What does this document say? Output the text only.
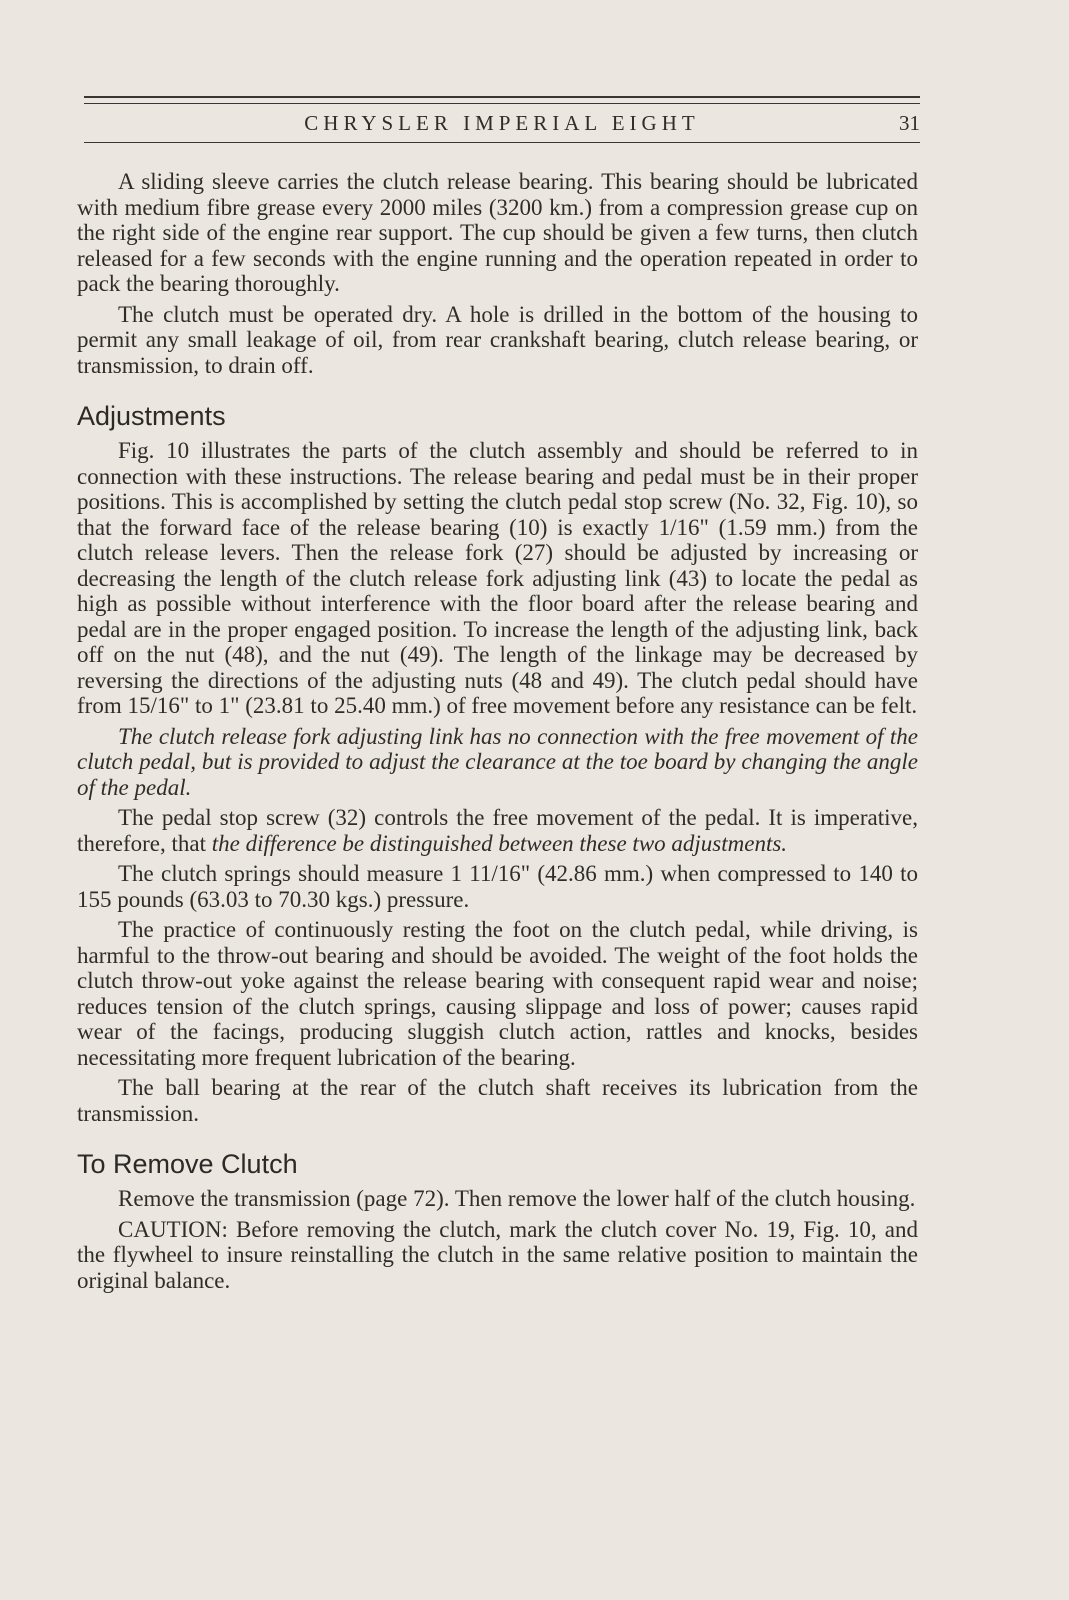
CHRYSLER IMPERIAL EIGHT	31

A sliding sleeve carries the clutch release bearing. This bearing should be lubricated with medium fibre grease every 2000 miles (3200 km.) from a compression grease cup on the right side of the engine rear support. The cup should be given a few turns, then clutch released for a few seconds with the engine running and the operation repeated in order to pack the bearing thoroughly.

The clutch must be operated dry. A hole is drilled in the bottom of the housing to permit any small leakage of oil, from rear crankshaft bearing, clutch release bearing, or transmission, to drain off.

Adjustments

Fig. 10 illustrates the parts of the clutch assembly and should be referred to in connection with these instructions. The release bearing and pedal must be in their proper positions. This is accomplished by setting the clutch pedal stop screw (No. 32, Fig. 10), so that the forward face of the release bearing (10) is exactly 1/16" (1.59 mm.) from the clutch release levers. Then the release fork (27) should be adjusted by increasing or decreasing the length of the clutch release fork adjusting link (43) to locate the pedal as high as possible without interference with the floor board after the release bearing and pedal are in the proper engaged position. To increase the length of the adjusting link, back off on the nut (48), and the nut (49). The length of the linkage may be decreased by reversing the directions of the adjusting nuts (48 and 49). The clutch pedal should have from 15/16" to 1" (23.81 to 25.40 mm.) of free movement before any resistance can be felt.

The clutch release fork adjusting link has no connection with the free movement of the clutch pedal, but is provided to adjust the clearance at the toe board by changing the angle of the pedal.

The pedal stop screw (32) controls the free movement of the pedal. It is imperative, therefore, that the difference be distinguished between these two adjustments.

The clutch springs should measure 1 11/16" (42.86 mm.) when compressed to 140 to 155 pounds (63.03 to 70.30 kgs.) pressure.

The practice of continuously resting the foot on the clutch pedal, while driving, is harmful to the throw-out bearing and should be avoided. The weight of the foot holds the clutch throw-out yoke against the release bearing with consequent rapid wear and noise; reduces tension of the clutch springs, causing slippage and loss of power; causes rapid wear of the facings, producing sluggish clutch action, rattles and knocks, besides necessitating more frequent lubrication of the bearing.

The ball bearing at the rear of the clutch shaft receives its lubrication from the transmission.

To Remove Clutch

Remove the transmission (page 72). Then remove the lower half of the clutch housing.

CAUTION: Before removing the clutch, mark the clutch cover No. 19, Fig. 10, and the flywheel to insure reinstalling the clutch in the same relative position to maintain the original balance.
